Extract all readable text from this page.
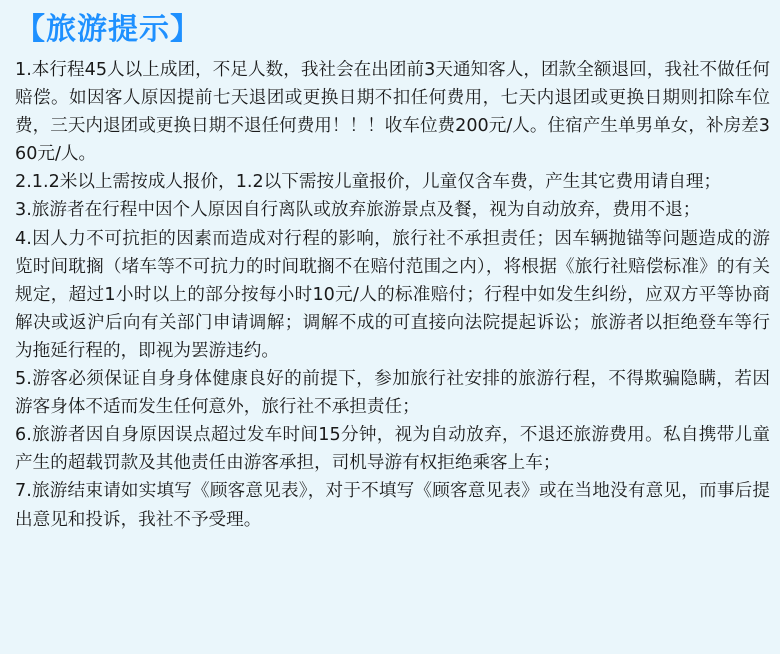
【旅游提示】

1.本行程45人以上成团，不足人数，我社会在出团前3天通知客人，团款全额退回，我社不做任何赔偿。如因客人原因提前七天退团或更换日期不扣任何费用，七天内退团或更换日期则扣除车位费，三天内退团或更换日期不退任何费用！！！收车位费200元/人。住宿产生单男单女，补房差360元/人。

2.1.2米以上需按成人报价，1.2以下需按儿童报价，儿童仅含车费，产生其它费用请自理；

3.旅游者在行程中因个人原因自行离队或放弃旅游景点及餐，视为自动放弃，费用不退；

4.因人力不可抗拒的因素而造成对行程的影响，旅行社不承担责任；因车辆抛锚等问题造成的游览时间耽搁（堵车等不可抗力的时间耽搁不在赔付范围之内），将根据《旅行社赔偿标准》的有关规定，超过1小时以上的部分按每小时10元/人的标准赔付；行程中如发生纠纷，应双方平等协商解决或返沪后向有关部门申请调解；调解不成的可直接向法院提起诉讼；旅游者以拒绝登车等行为拖延行程的，即视为罢游违约。

5.游客必须保证自身身体健康良好的前提下，参加旅行社安排的旅游行程，不得欺骗隐瞒，若因游客身体不适而发生任何意外，旅行社不承担责任；

6.旅游者因自身原因误点超过发车时间15分钟，视为自动放弃，不退还旅游费用。私自携带儿童产生的超载罚款及其他责任由游客承担，司机导游有权拒绝乘客上车；

7.旅游结束请如实填写《顾客意见表》，对于不填写《顾客意见表》或在当地没有意见，而事后提出意见和投诉，我社不予受理。
